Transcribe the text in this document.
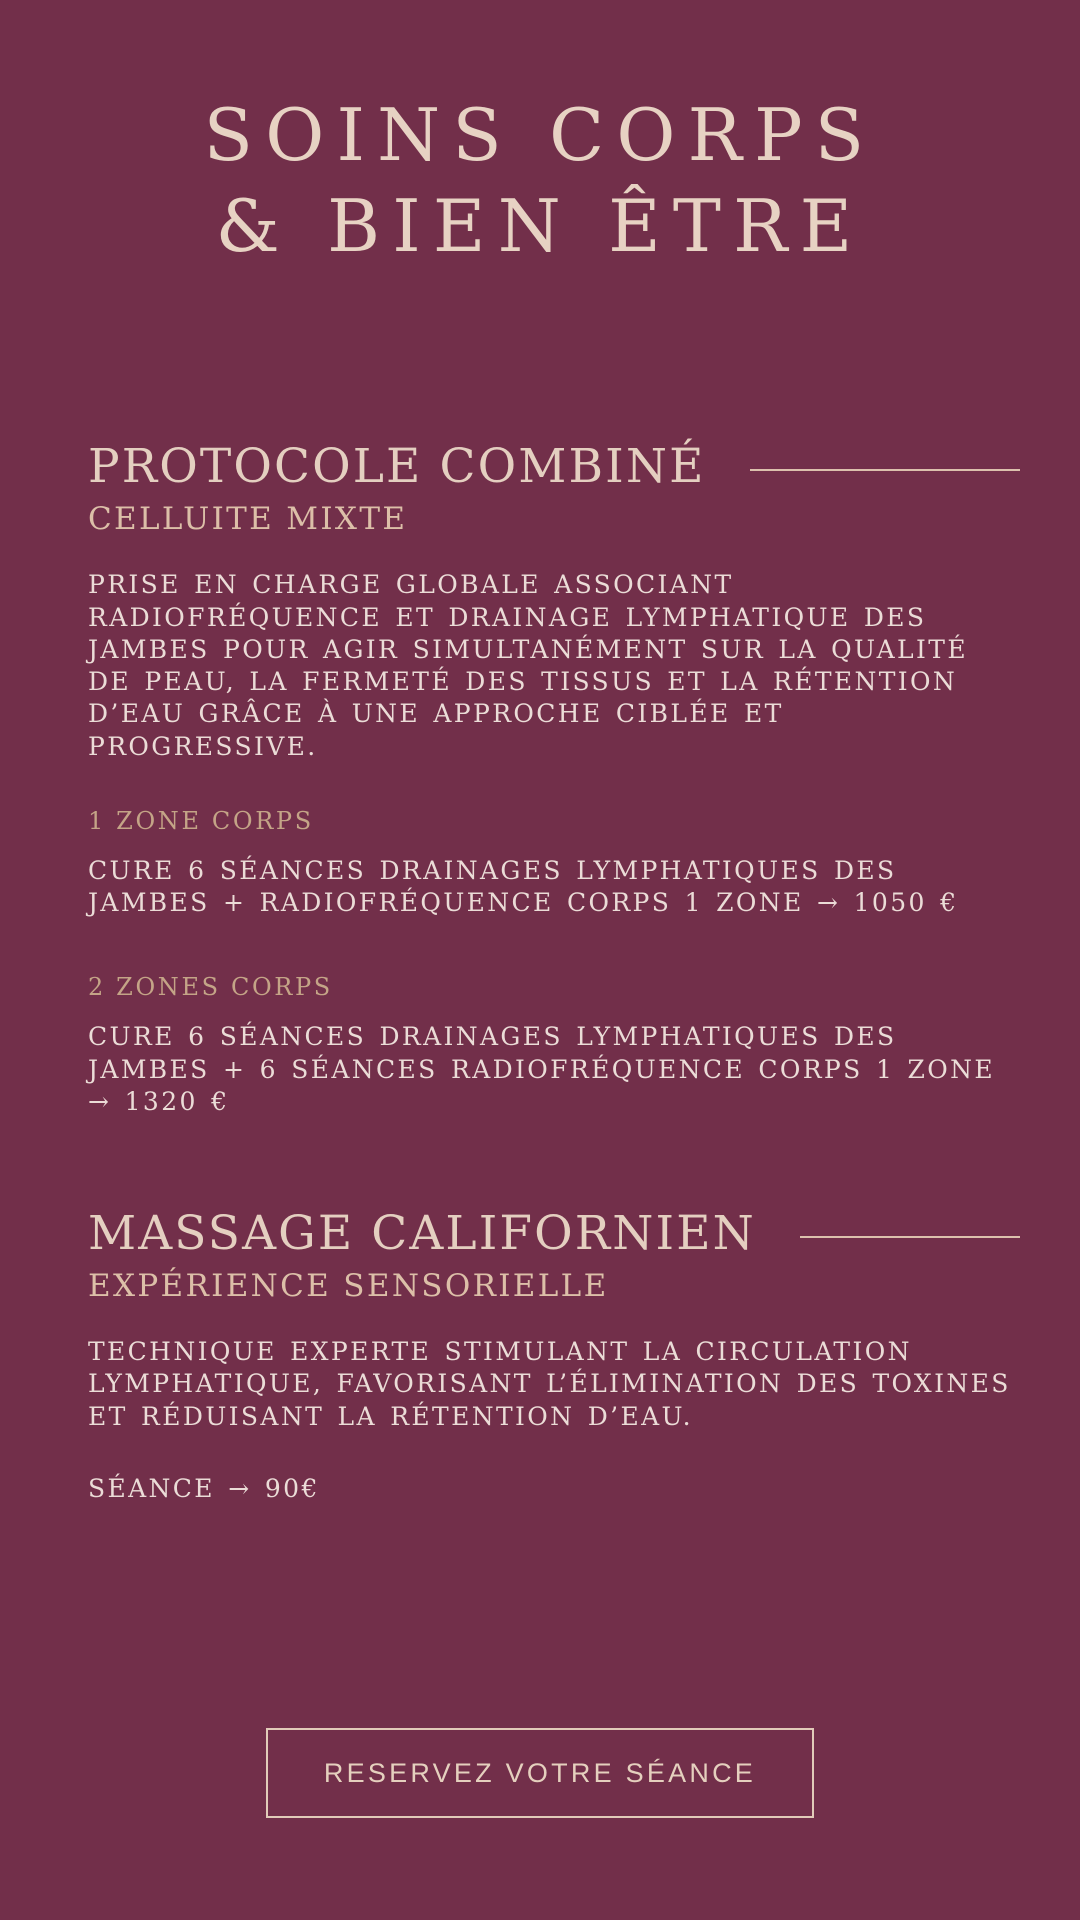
SOINS CORPS
& BIEN ÊTRE
PROTOCOLE COMBINÉ
CELLUITE MIXTE

PRISE EN CHARGE GLOBALE ASSOCIANT RADIOFRÉQUENCE ET DRAINAGE LYMPHATIQUE DES JAMBES POUR AGIR SIMULTANÉMENT SUR LA QUALITÉ DE PEAU, LA FERMETÉ DES TISSUS ET LA RÉTENTION D’EAU GRÂCE À UNE APPROCHE CIBLÉE ET PROGRESSIVE.

1 ZONE CORPS

CURE 6 SÉANCES DRAINAGES LYMPHATIQUES DES JAMBES + RADIOFRÉQUENCE CORPS 1 ZONE → 1050 €

2 ZONES CORPS

CURE 6 SÉANCES DRAINAGES LYMPHATIQUES DES JAMBES + 6 SÉANCES RADIOFRÉQUENCE CORPS 1 ZONE → 1320 €

MASSAGE CALIFORNIEN
EXPÉRIENCE SENSORIELLE

TECHNIQUE EXPERTE STIMULANT LA CIRCULATION LYMPHATIQUE, FAVORISANT L’ÉLIMINATION DES TOXINES ET RÉDUISANT LA RÉTENTION D’EAU.

SÉANCE → 90€

RESERVEZ VOTRE SÉANCE
